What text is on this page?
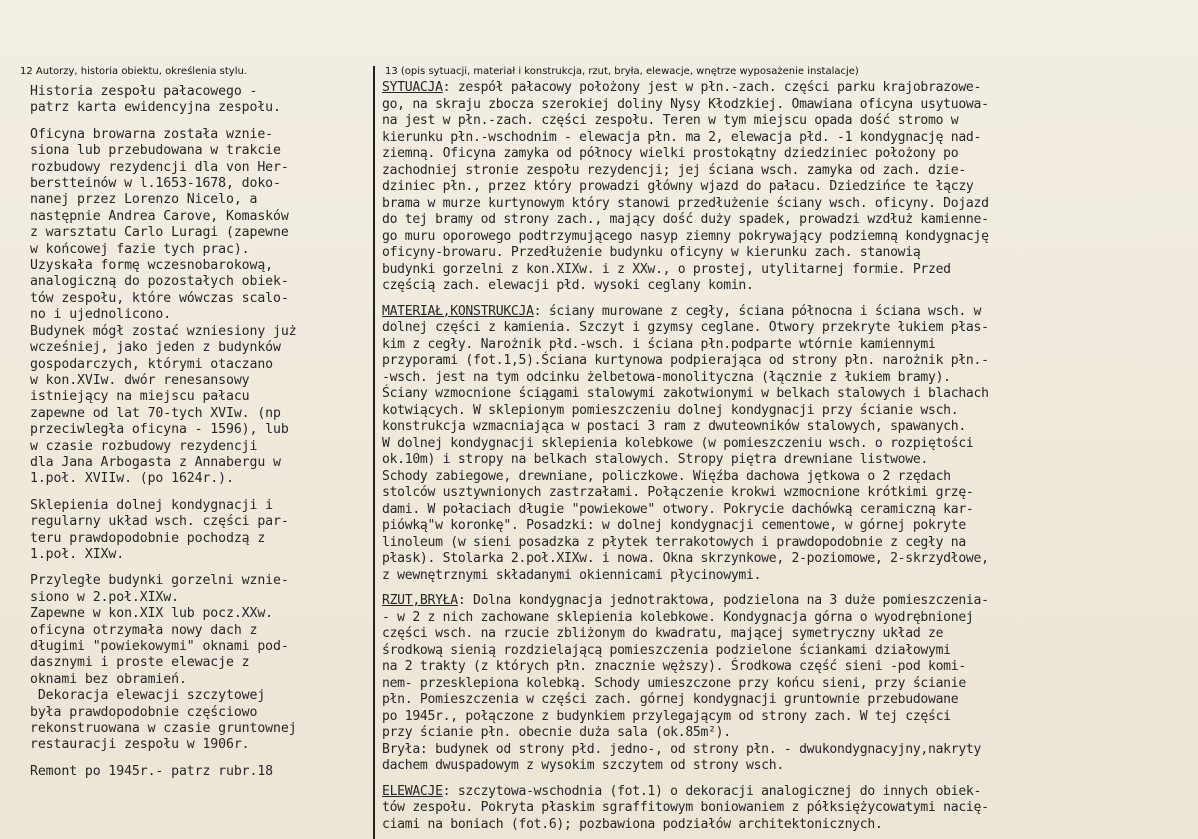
12 Autorzy, historia obiektu, określenia stylu.	13 (opis sytuacji, materiał i konstrukcja, rzut, bryła, elewacje, wnętrze wyposażenie instalacje)
Historia zespołu pałacowego -
patrz karta ewidencyjna zespołu.
Oficyna browarna została wznie-
siona lub przebudowana w trakcie
rozbudowy rezydencji dla von Her-
berstteinów w l.1653-1678, doko-
nanej przez Lorenzo Nicelo, a
następnie Andrea Carove, Komasków
z warsztatu Carlo Luragi (zapewne
w końcowej fazie tych prac).
Uzyskała formę wczesnobarokową,
analogiczną do pozostałych obiek-
tów zespołu, które wówczas scalo-
no i ujednolicono.
Budynek mógł zostać wzniesiony już
wcześniej, jako jeden z budynków
gospodarczych, którymi otaczano
w kon.XVIw. dwór renesansowy
istniejący na miejscu pałacu
zapewne od lat 70-tych XVIw. (np
przeciwległa oficyna - 1596), lub
w czasie rozbudowy rezydencji
dla Jana Arbogasta z Annabergu w
1.poł. XVIIw. (po 1624r.).
Sklepienia dolnej kondygnacji i
regularny układ wsch. części par-
teru prawdopodobnie pochodzą z
1.poł. XIXw.
Przyległe budynki gorzelni wznie-
siono w 2.poł.XIXw.
Zapewne w kon.XIX lub pocz.XXw.
oficyna otrzymała nowy dach z
długimi "powiekowymi" oknami pod-
dasznymi i proste elewacje z
oknami bez obramień.
Dekoracja elewacji szczytowej
była prawdopodobnie częściowo
rekonstruowana w czasie gruntownej
restauracji zespołu w 1906r.
Remont po 1945r.- patrz rubr.18
SYTUACJA: zespół pałacowy położony jest w płn.-zach. części parku krajobrazowe-
go, na skraju zbocza szerokiej doliny Nysy Kłodzkiej. Omawiana oficyna usytuowa-
na jest w płn.-zach. części zespołu. Teren w tym miejscu opada dość stromo w
kierunku płn.-wschodnim - elewacja płn. ma 2, elewacja płd. -1 kondygnację nad-
ziemną. Oficyna zamyka od północy wielki prostokątny dziedziniec położony po
zachodniej stronie zespołu rezydencji; jej ściana wsch. zamyka od zach. dzie-
dziniec płn., przez który prowadzi główny wjazd do pałacu. Dziedzińce te łączy
brama w murze kurtynowym który stanowi przedłużenie ściany wsch. oficyny. Dojazd
do tej bramy od strony zach., mający dość duży spadek, prowadzi wzdłuż kamienne-
go muru oporowego podtrzymującego nasyp ziemny pokrywający podziemną kondygnację
oficyny-browaru. Przedłużenie budynku oficyny w kierunku zach. stanowią
budynki gorzelni z kon.XIXw. i z XXw., o prostej, utylitarnej formie. Przed
częścią zach. elewacji płd. wysoki ceglany komin.
MATERIAŁ,KONSTRUKCJA: ściany murowane z cegły, ściana północna i ściana wsch. w
dolnej części z kamienia. Szczyt i gzymsy ceglane. Otwory przekryte łukiem płas-
kim z cegły. Narożnik płd.-wsch. i ściana płn.podparte wtórnie kamiennymi
przyporami (fot.1,5).Ściana kurtynowa podpierająca od strony płn. narożnik płn.-
-wsch. jest na tym odcinku żelbetowa-monolityczna (łącznie z łukiem bramy).
Ściany wzmocnione ściągami stalowymi zakotwionymi w belkach stalowych i blachach
kotwiących. W sklepionym pomieszczeniu dolnej kondygnacji przy ścianie wsch.
konstrukcja wzmacniająca w postaci 3 ram z dwuteowników stalowych, spawanych.
W dolnej kondygnacji sklepienia kolebkowe (w pomieszczeniu wsch. o rozpiętości
ok.10m) i stropy na belkach stalowych. Stropy piętra drewniane listwowe.
Schody zabiegowe, drewniane, policzkowe. Więźba dachowa jętkowa o 2 rzędach
stolców usztywnionych zastrzałami. Połączenie krokwi wzmocnione krótkimi grzę-
dami. W połaciach długie "powiekowe" otwory. Pokrycie dachówką ceramiczną kar-
piówką"w koronkę". Posadzki: w dolnej kondygnacji cementowe, w górnej pokryte
linoleum (w sieni posadzka z płytek terrakotowych i prawdopodobnie z cegły na
płask). Stolarka 2.poł.XIXw. i nowa. Okna skrzynkowe, 2-poziomowe, 2-skrzydłowe,
z wewnętrznymi składanymi okiennicami płycinowymi.
RZUT,BRYŁA: Dolna kondygnacja jednotraktowa, podzielona na 3 duże pomieszczenia-
- w 2 z nich zachowane sklepienia kolebkowe. Kondygnacja górna o wyodrębnionej
części wsch. na rzucie zbliżonym do kwadratu, mającej symetryczny układ ze
środkową sienią rozdzielającą pomieszczenia podzielone ściankami działowymi
na 2 trakty (z których płn. znacznie węższy). Środkowa część sieni -pod komi-
nem- przesklepiona kolebką. Schody umieszczone przy końcu sieni, przy ścianie
płn. Pomieszczenia w części zach. górnej kondygnacji gruntownie przebudowane
po 1945r., połączone z budynkiem przylegającym od strony zach. W tej części
przy ścianie płn. obecnie duża sala (ok.85m²).
Bryła: budynek od strony płd. jedno-, od strony płn. - dwukondygnacyjny,nakryty
dachem dwuspadowym z wysokim szczytem od strony wsch.
ELEWACJE: szczytowa-wschodnia (fot.1) o dekoracji analogicznej do innych obiek-
tów zespołu. Pokryta płaskim sgraffitowym boniowaniem z półksiężycowatymi nacię-
ciami na boniach (fot.6); pozbawiona podziałów architektonicznych.
